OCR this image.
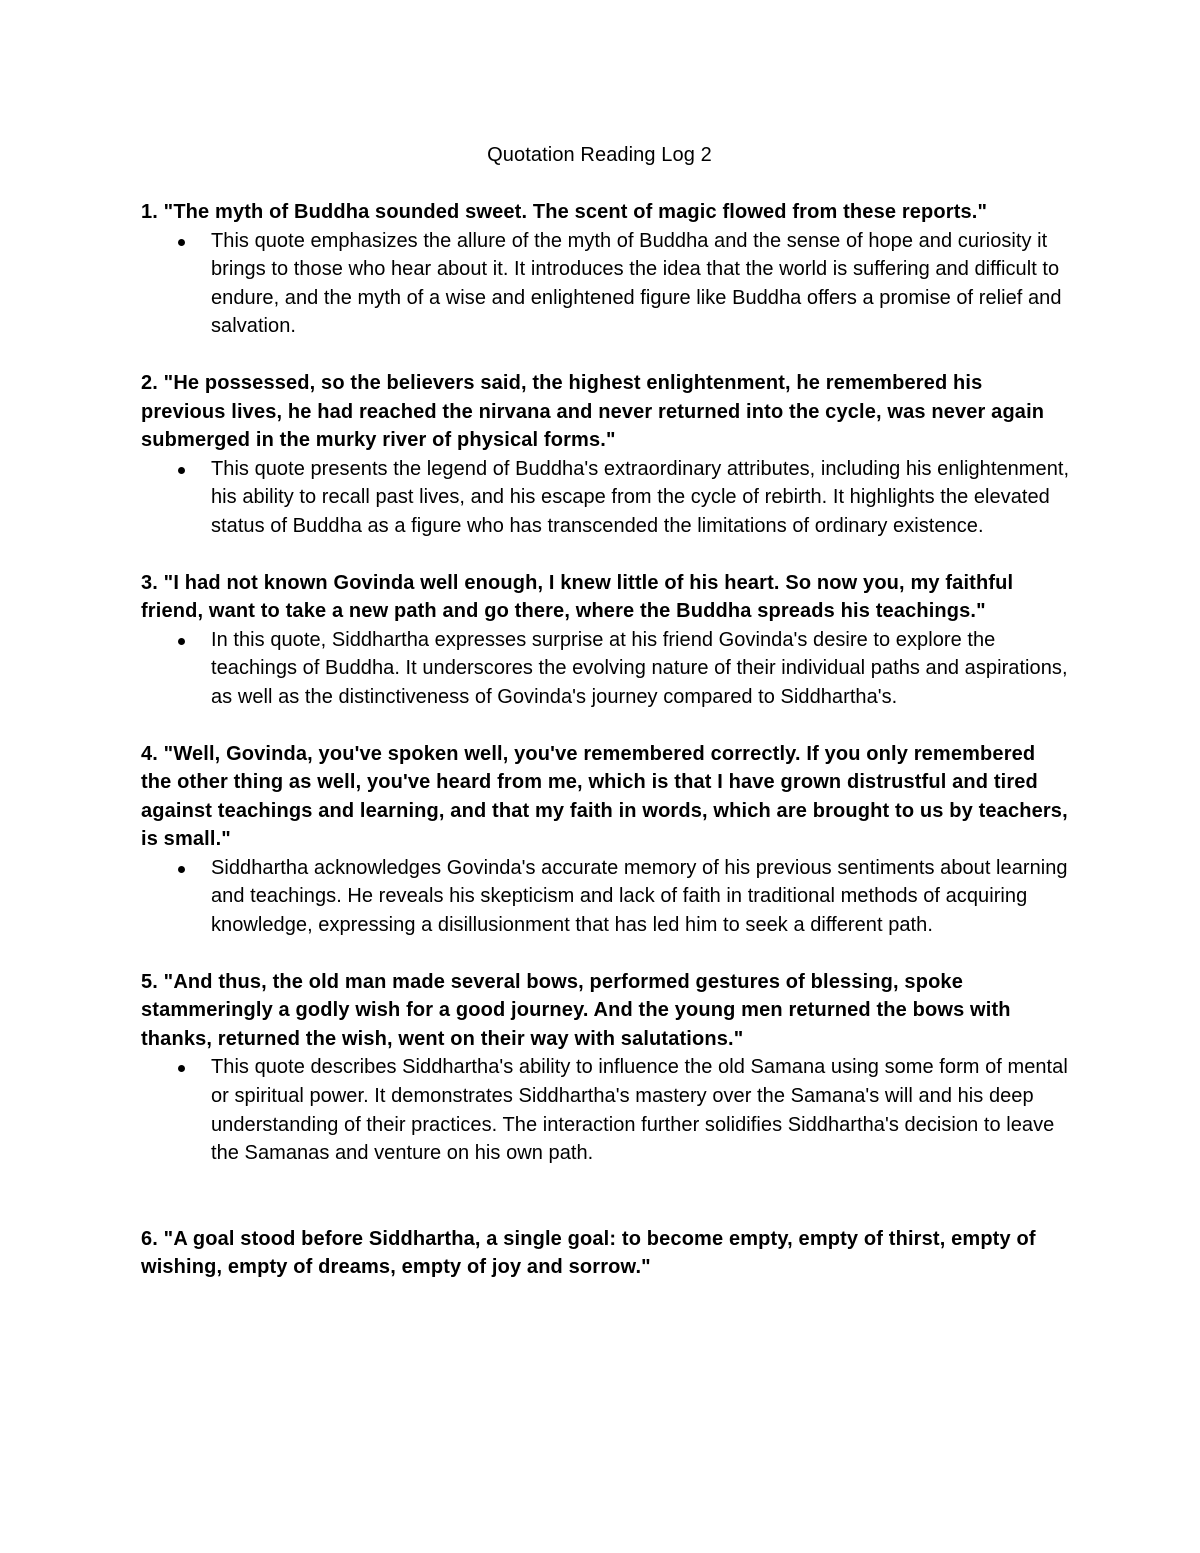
Quotation Reading Log 2

1. "The myth of Buddha sounded sweet. The scent of magic flowed from these reports."

This quote emphasizes the allure of the myth of Buddha and the sense of hope and curiosity it brings to those who hear about it. It introduces the idea that the world is suffering and difficult to endure, and the myth of a wise and enlightened figure like Buddha offers a promise of relief and salvation.

2. "He possessed, so the believers said, the highest enlightenment, he remembered his previous lives, he had reached the nirvana and never returned into the cycle, was never again submerged in the murky river of physical forms."

This quote presents the legend of Buddha's extraordinary attributes, including his enlightenment, his ability to recall past lives, and his escape from the cycle of rebirth. It highlights the elevated status of Buddha as a figure who has transcended the limitations of ordinary existence.

3. "I had not known Govinda well enough, I knew little of his heart. So now you, my faithful friend, want to take a new path and go there, where the Buddha spreads his teachings."

In this quote, Siddhartha expresses surprise at his friend Govinda's desire to explore the teachings of Buddha. It underscores the evolving nature of their individual paths and aspirations, as well as the distinctiveness of Govinda's journey compared to Siddhartha's.

4. "Well, Govinda, you've spoken well, you've remembered correctly. If you only remembered the other thing as well, you've heard from me, which is that I have grown distrustful and tired against teachings and learning, and that my faith in words, which are brought to us by teachers, is small."

Siddhartha acknowledges Govinda's accurate memory of his previous sentiments about learning and teachings. He reveals his skepticism and lack of faith in traditional methods of acquiring knowledge, expressing a disillusionment that has led him to seek a different path.

5. "And thus, the old man made several bows, performed gestures of blessing, spoke stammeringly a godly wish for a good journey. And the young men returned the bows with thanks, returned the wish, went on their way with salutations."

This quote describes Siddhartha's ability to influence the old Samana using some form of mental or spiritual power. It demonstrates Siddhartha's mastery over the Samana's will and his deep understanding of their practices. The interaction further solidifies Siddhartha's decision to leave the Samanas and venture on his own path.

6. "A goal stood before Siddhartha, a single goal: to become empty, empty of thirst, empty of wishing, empty of dreams, empty of joy and sorrow."
